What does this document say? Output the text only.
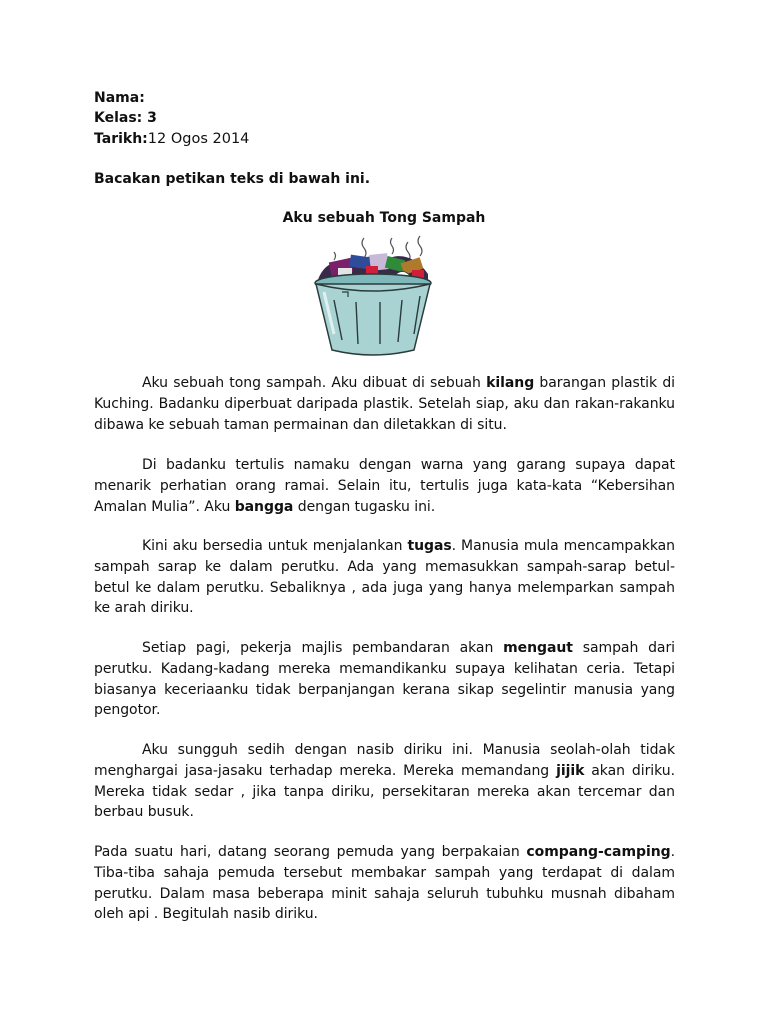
Nama:
Kelas: 3
Tarikh:12 Ogos 2014
Bacakan petikan teks di bawah ini.
Aku sebuah Tong Sampah
Aku sebuah tong sampah. Aku dibuat di sebuah kilang barangan plastik di Kuching. Badanku diperbuat daripada plastik. Setelah siap, aku dan rakan-rakanku dibawa ke sebuah taman permainan dan diletakkan di situ.
Di badanku tertulis namaku dengan warna yang garang supaya dapat menarik perhatian orang ramai. Selain itu, tertulis juga kata-kata “Kebersihan Amalan Mulia”. Aku bangga dengan tugasku ini.
Kini aku bersedia untuk menjalankan tugas. Manusia mula mencampakkan sampah sarap ke dalam perutku. Ada yang memasukkan sampah-sarap betul-betul ke dalam perutku. Sebaliknya , ada juga yang hanya melemparkan sampah ke arah diriku.
Setiap pagi, pekerja majlis pembandaran akan mengaut sampah dari perutku. Kadang-kadang mereka memandikanku supaya kelihatan ceria. Tetapi biasanya keceriaanku tidak berpanjangan kerana sikap segelintir manusia yang pengotor.
Aku sungguh sedih dengan nasib diriku ini. Manusia seolah-olah tidak menghargai jasa-jasaku terhadap mereka. Mereka memandang jijik akan diriku. Mereka tidak sedar , jika tanpa diriku, persekitaran mereka akan tercemar dan berbau busuk.
Pada suatu hari, datang seorang pemuda yang berpakaian compang-camping. Tiba-tiba sahaja pemuda tersebut membakar sampah yang terdapat di dalam perutku. Dalam masa beberapa minit sahaja seluruh tubuhku musnah dibaham oleh api . Begitulah nasib diriku.
